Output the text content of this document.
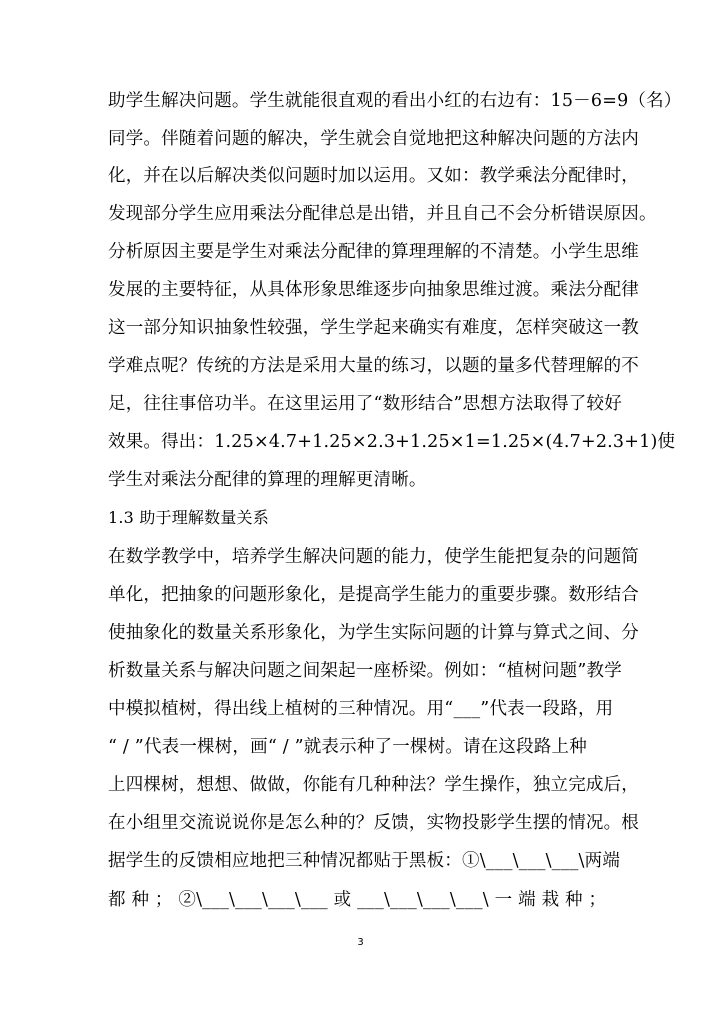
助学生解决问题。学生就能很直观的看出小红的右边有：15－6=9（名）
同学。伴随着问题的解决，学生就会自觉地把这种解决问题的方法内
化，并在以后解决类似问题时加以运用。又如：教学乘法分配律时，
发现部分学生应用乘法分配律总是出错，并且自己不会分析错误原因。
分析原因主要是学生对乘法分配律的算理理解的不清楚。小学生思维
发展的主要特征，从具体形象思维逐步向抽象思维过渡。乘法分配律
这一部分知识抽象性较强，学生学起来确实有难度，怎样突破这一教
学难点呢？传统的方法是采用大量的练习，以题的量多代替理解的不
足，往往事倍功半。在这里运用了“数形结合”思想方法取得了较好
效果。得出：1.25×4.7+1.25×2.3+1.25×1=1.25×(4.7+2.3+1)使
学生对乘法分配律的算理的理解更清晰。
1.3 助于理解数量关系
在数学教学中，培养学生解决问题的能力，使学生能把复杂的问题简
单化，把抽象的问题形象化，是提高学生能力的重要步骤。数形结合
使抽象化的数量关系形象化，为学生实际问题的计算与算式之间、分
析数量关系与解决问题之间架起一座桥梁。例如：“植树问题”教学
中模拟植树，得出线上植树的三种情况。用“___”代表一段路，用
“ / ”代表一棵树，画“ / ”就表示种了一棵树。请在这段路上种
上四棵树，想想、做做，你能有几种种法？学生操作，独立完成后，
在小组里交流说说你是怎么种的？反馈，实物投影学生摆的情况。根
据学生的反馈相应地把三种情况都贴于黑板：①\___\___\___\两端
都 种 ； ②\___\___\___\___ 或 ___\___\___\___\ 一 端 栽 种 ；
3
